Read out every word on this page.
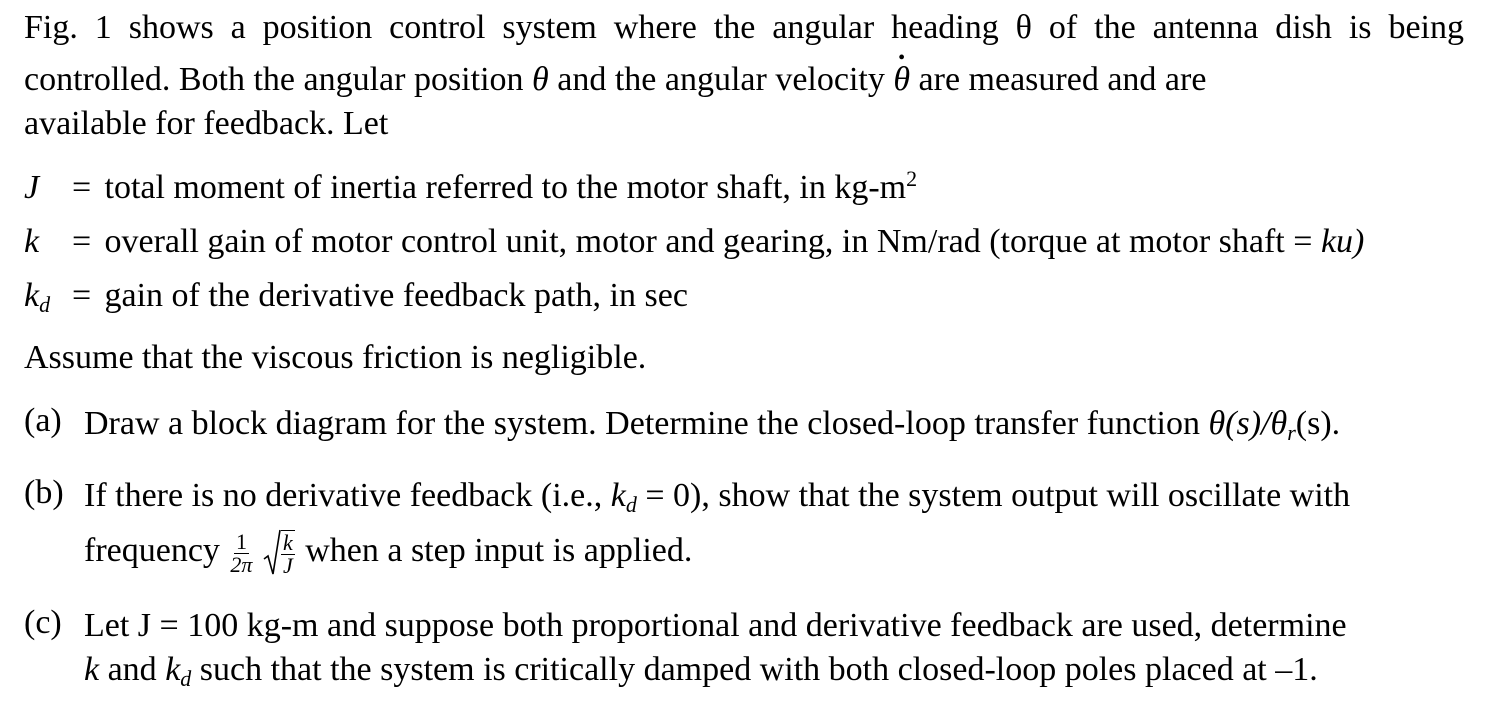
Fig. 1 shows a position control system where the angular heading θ of the antenna dish is being
controlled. Both the angular position θ and the angular velocity • θ are measured and are
available for feedback. Let
J = total moment of inertia referred to the motor shaft, in $kg-m^2$
k = overall gain of motor control unit, motor and gearing, in Nm/rad (torque at motor shaft = ku)
kd = gain of the derivative feedback path, in sec
Assume that the viscous friction is negligible.
(a) Draw a block diagram for the system. Determine the closed-loop transfer function θ(s)/θr(s).
(b) If there is no derivative feedback (i.e., kd = 0), show that the system output will oscillate with
frequency $\frac{1}{2\pi}$
$\frac{k}{J}$ when a step input is applied.
(c) Let J = 100 kg-m and suppose both proportional and derivative feedback are used, determine
k and kd such that the system is critically damped with both closed-loop poles placed at –1.
